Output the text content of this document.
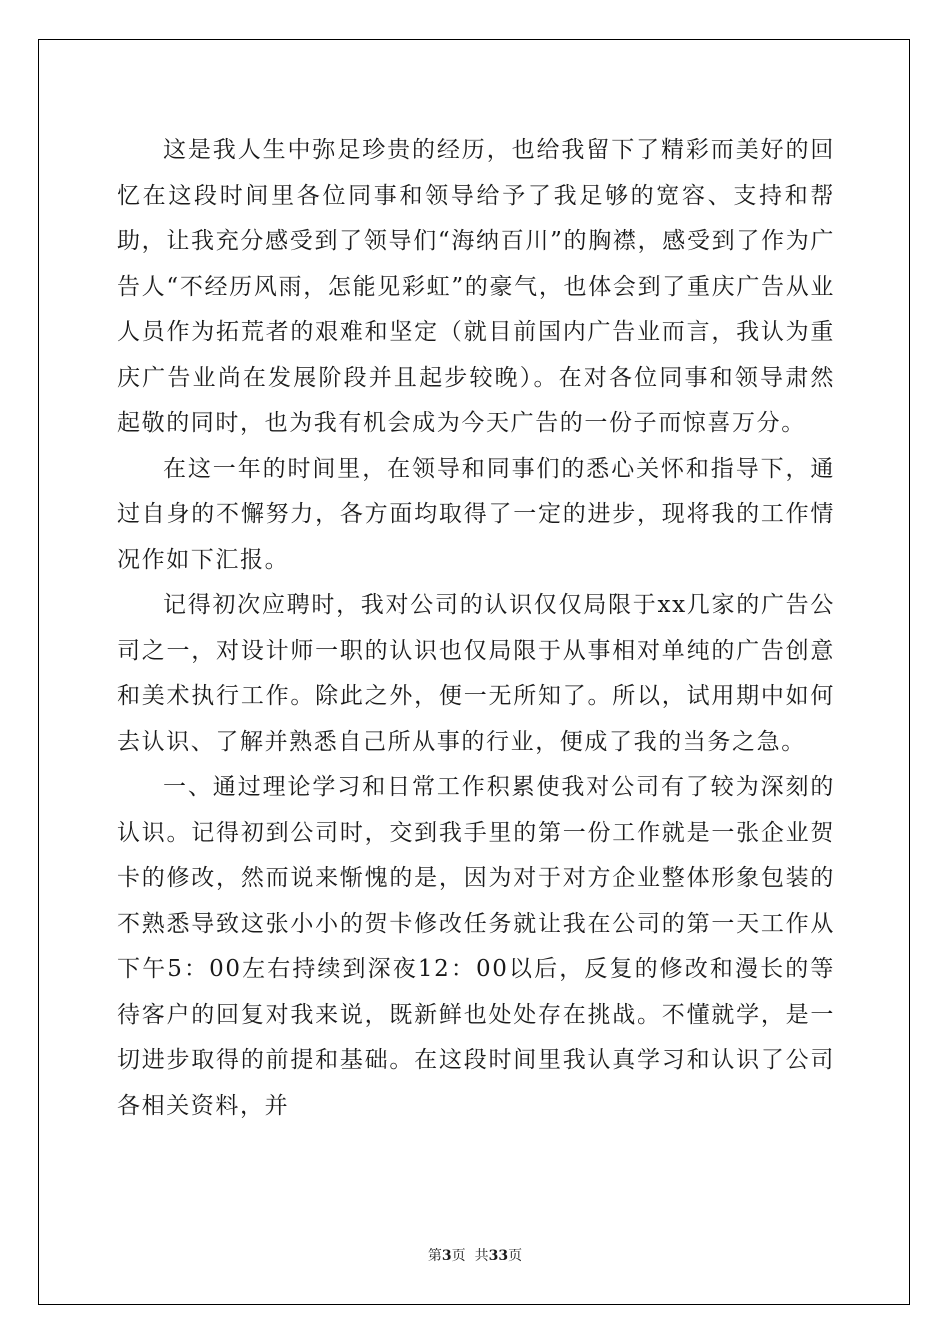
这是我人生中弥足珍贵的经历，也给我留下了精彩而美好的回忆在这段时间里各位同事和领导给予了我足够的宽容、支持和帮助，让我充分感受到了领导们“海纳百川”的胸襟，感受到了作为广告人“不经历风雨，怎能见彩虹”的豪气，也体会到了重庆广告从业人员作为拓荒者的艰难和坚定（就目前国内广告业而言，我认为重庆广告业尚在发展阶段并且起步较晚）。在对各位同事和领导肃然起敬的同时，也为我有机会成为今天广告的一份子而惊喜万分。

在这一年的时间里，在领导和同事们的悉心关怀和指导下，通过自身的不懈努力，各方面均取得了一定的进步，现将我的工作情况作如下汇报。

记得初次应聘时，我对公司的认识仅仅局限于xx几家的广告公司之一，对设计师一职的认识也仅局限于从事相对单纯的广告创意和美术执行工作。除此之外，便一无所知了。所以，试用期中如何去认识、了解并熟悉自己所从事的行业，便成了我的当务之急。

一、通过理论学习和日常工作积累使我对公司有了较为深刻的认识。记得初到公司时，交到我手里的第一份工作就是一张企业贺卡的修改，然而说来惭愧的是，因为对于对方企业整体形象包装的不熟悉导致这张小小的贺卡修改任务就让我在公司的第一天工作从下午5：00左右持续到深夜12：00以后，反复的修改和漫长的等待客户的回复对我来说，既新鲜也处处存在挑战。不懂就学，是一切进步取得的前提和基础。在这段时间里我认真学习和认识了公司各相关资料，并

第3页  共33页
